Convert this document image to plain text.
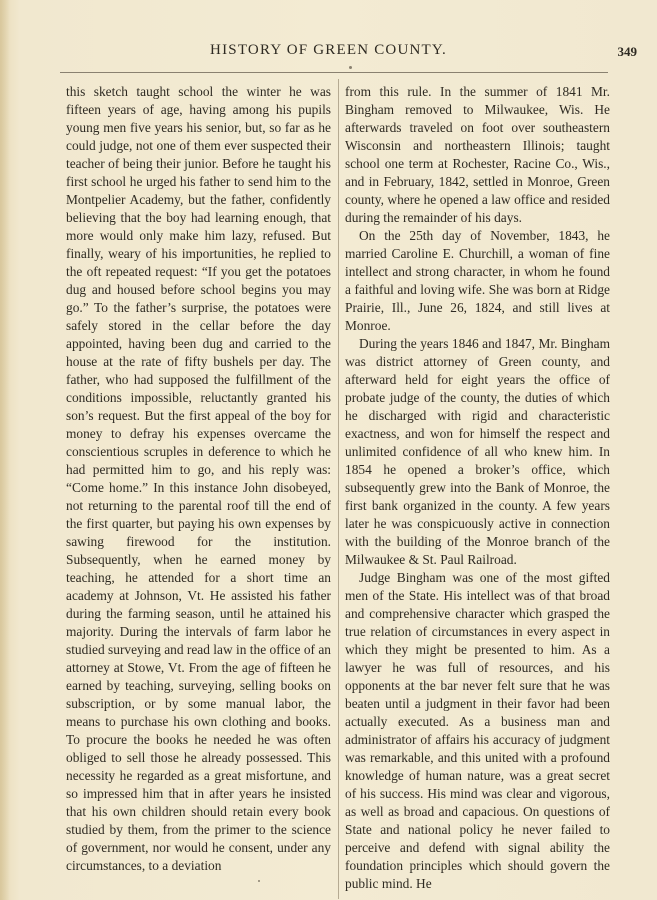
HISTORY OF GREEN COUNTY.	349

this sketch taught school the winter he was fifteen years of age, having among his pupils young men five years his senior, but, so far as he could judge, not one of them ever suspected their teacher of being their junior. Before he taught his first school he urged his father to send him to the Montpelier Academy, but the father, confidently believing that the boy had learning enough, that more would only make him lazy, refused. But finally, weary of his importunities, he replied to the oft repeated request: “If you get the potatoes dug and housed before school begins you may go.” To the father’s surprise, the potatoes were safely stored in the cellar before the day appointed, having been dug and carried to the house at the rate of fifty bushels per day. The father, who had supposed the fulfillment of the conditions impossible, reluctantly granted his son’s request. But the first appeal of the boy for money to defray his expenses overcame the conscientious scruples in deference to which he had permitted him to go, and his reply was: “Come home.” In this instance John disobeyed, not returning to the parental roof till the end of the first quarter, but paying his own expenses by sawing firewood for the institution. Subsequently, when he earned money by teaching, he attended for a short time an academy at Johnson, Vt. He assisted his father during the farming season, until he attained his majority. During the intervals of farm labor he studied surveying and read law in the office of an attorney at Stowe, Vt. From the age of fifteen he earned by teaching, surveying, selling books on subscription, or by some manual labor, the means to purchase his own clothing and books. To procure the books he needed he was often obliged to sell those he already possessed. This necessity he regarded as a great misfortune, and so impressed him that in after years he insisted that his own children should retain every book studied by them, from the primer to the science of government, nor would he consent, under any circumstances, to a deviation

from this rule. In the summer of 1841 Mr. Bingham removed to Milwaukee, Wis. He afterwards traveled on foot over southeastern Wisconsin and northeastern Illinois; taught school one term at Rochester, Racine Co., Wis., and in February, 1842, settled in Monroe, Green county, where he opened a law office and resided during the remainder of his days.

On the 25th day of November, 1843, he married Caroline E. Churchill, a woman of fine intellect and strong character, in whom he found a faithful and loving wife. She was born at Ridge Prairie, Ill., June 26, 1824, and still lives at Monroe.

During the years 1846 and 1847, Mr. Bingham was district attorney of Green county, and afterward held for eight years the office of probate judge of the county, the duties of which he discharged with rigid and characteristic exactness, and won for himself the respect and unlimited confidence of all who knew him. In 1854 he opened a broker’s office, which subsequently grew into the Bank of Monroe, the first bank organized in the county. A few years later he was conspicuously active in connection with the building of the Monroe branch of the Milwaukee & St. Paul Railroad.

Judge Bingham was one of the most gifted men of the State. His intellect was of that broad and comprehensive character which grasped the true relation of circumstances in every aspect in which they might be presented to him. As a lawyer he was full of resources, and his opponents at the bar never felt sure that he was beaten until a judgment in their favor had been actually executed. As a business man and administrator of affairs his accuracy of judgment was remarkable, and this united with a profound knowledge of human nature, was a great secret of his success. His mind was clear and vigorous, as well as broad and capacious. On questions of State and national policy he never failed to perceive and defend with signal ability the foundation principles which should govern the public mind. He
